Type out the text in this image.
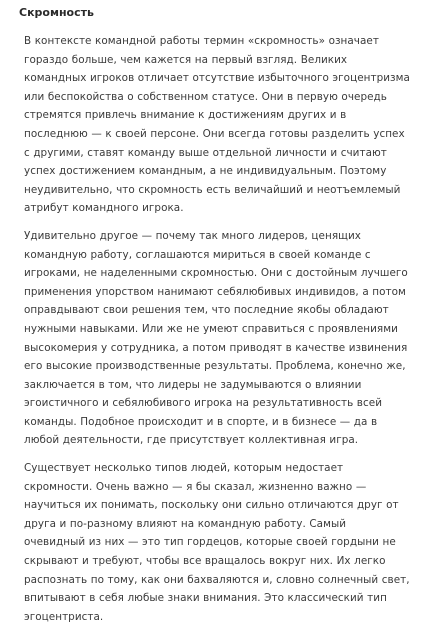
Скромность

В контексте командной работы термин «скромность» означает гораздо больше, чем кажется на первый взгляд. Великих командных игроков отличает отсутствие избыточного эгоцентризма или беспокойства о собственном статусе. Они в первую очередь стремятся привлечь внимание к достижениям других и в последнюю — к своей персоне. Они всегда готовы разделить успех с другими, ставят команду выше отдельной личности и считают успех достижением командным, а не индивидуальным. Поэтому неудивительно, что скромность есть величайший и неотъемлемый атрибут командного игрока.

Удивительно другое — почему так много лидеров, ценящих командную работу, соглашаются мириться в своей команде с игроками, не наделенными скромностью. Они с достойным лучшего применения упорством нанимают себялюбивых индивидов, а потом оправдывают свои решения тем, что последние якобы обладают нужными навыками. Или же не умеют справиться с проявлениями высокомерия у сотрудника, а потом приводят в качестве извинения его высокие производственные результаты. Проблема, конечно же, заключается в том, что лидеры не задумываются о влиянии эгоистичного и себялюбивого игрока на результативность всей команды. Подобное происходит и в спорте, и в бизнесе — да в любой деятельности, где присутствует коллективная игра.

Существует несколько типов людей, которым недостает скромности. Очень важно — я бы сказал, жизненно важно — научиться их понимать, поскольку они сильно отличаются друг от друга и по-разному влияют на командную работу. Самый очевидный из них — это тип гордецов, которые своей гордыни не скрывают и требуют, чтобы все вращалось вокруг них. Их легко распознать по тому, как они бахваляются и, словно солнечный свет, впитывают в себя любые знаки внимания. Это классический тип эгоцентриста.
